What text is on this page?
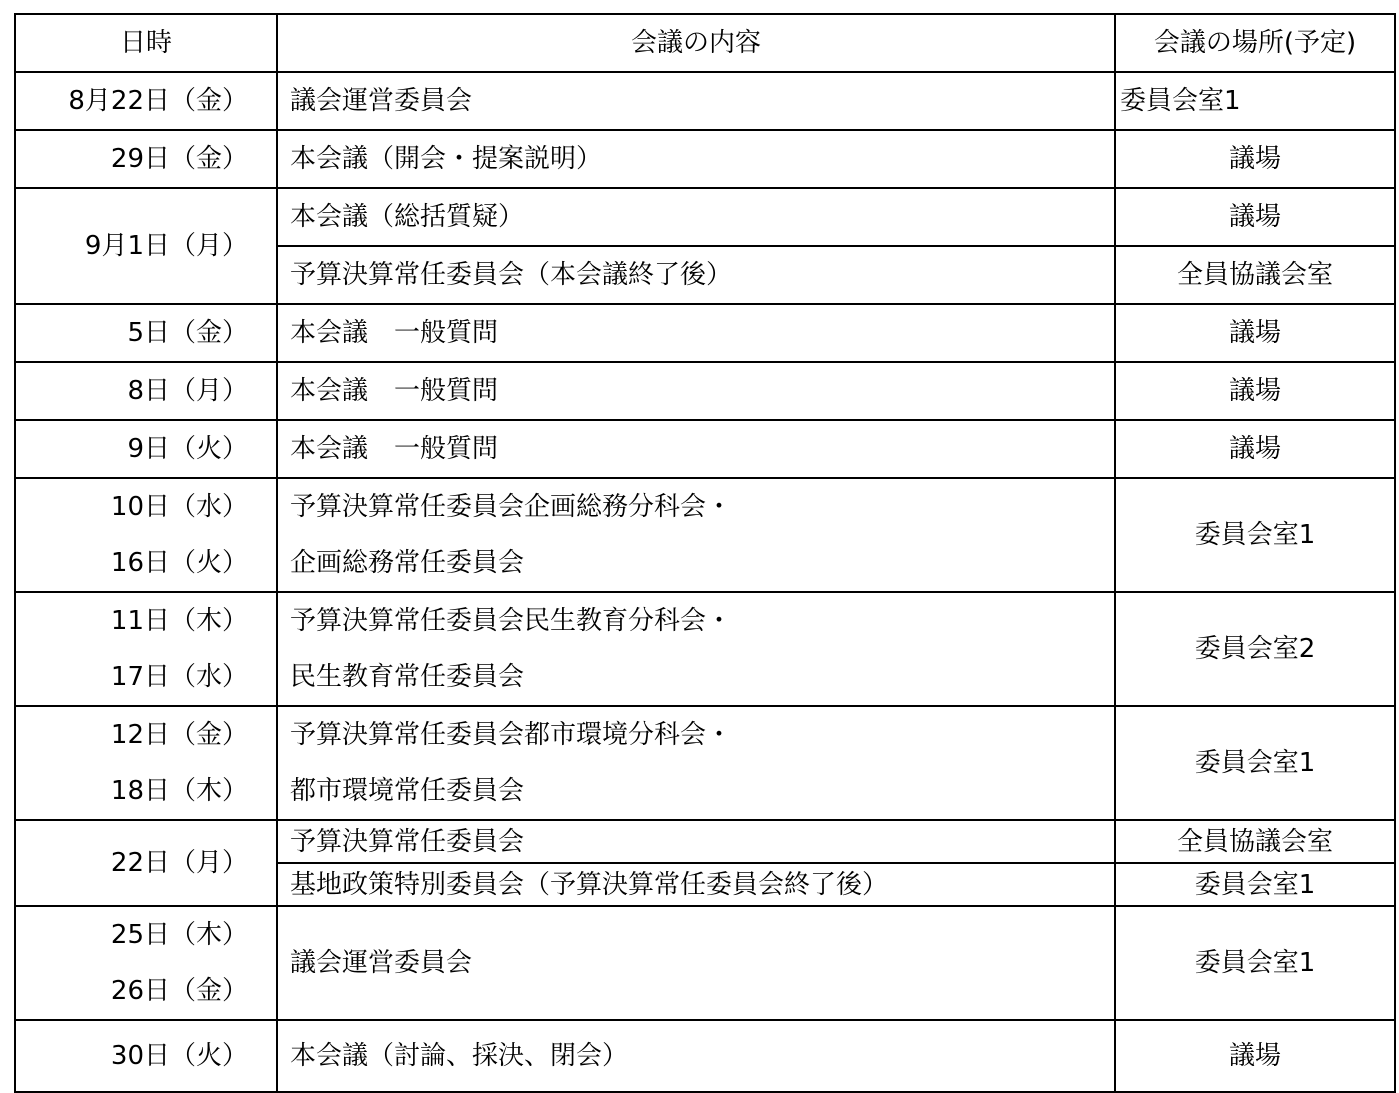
日時	会議の内容	会議の場所(予定)

8月22日（金）	議会運営委員会	委員会室1

29日（金）	本会議（開会・提案説明）	議場

9月1日（月）	本会議（総括質疑）	議場

	予算決算常任委員会（本会議終了後）	全員協議会室

5日（金）	本会議　一般質問	議場

8日（月）	本会議　一般質問	議場

9日（火）	本会議　一般質問	議場

10日（水）
16日（火）	予算決算常任委員会企画総務分科会・
企画総務常任委員会	委員会室1

11日（木）
17日（水）	予算決算常任委員会民生教育分科会・
民生教育常任委員会	委員会室2

12日（金）
18日（木）	予算決算常任委員会都市環境分科会・
都市環境常任委員会	委員会室1

22日（月）	予算決算常任委員会	全員協議会室
	基地政策特別委員会（予算決算常任委員会終了後）	委員会室1

25日（木）
26日（金）	議会運営委員会	委員会室1

30日（火）	本会議（討論、採決、閉会）	議場
